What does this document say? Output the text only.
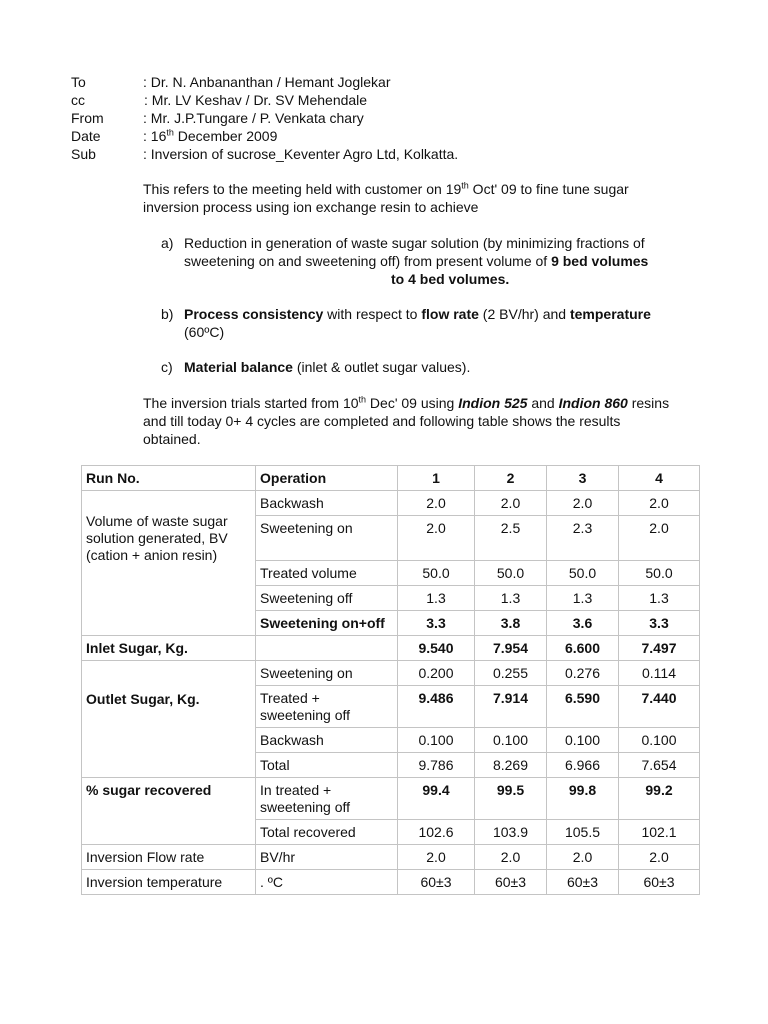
To	: Dr. N. Anbananthan / Hemant Joglekar
cc	: Mr. LV Keshav / Dr. SV Mehendale
From	: Mr. J.P.Tungare / P. Venkata chary
Date	: 16th December 2009
Sub	: Inversion of sucrose_Keventer Agro Ltd, Kolkatta.
This refers to the meeting held with customer on 19th Oct' 09 to fine tune sugar
inversion process using ion exchange resin to achieve
a) Reduction in generation of waste sugar solution (by minimizing fractions of
sweetening on and sweetening off) from present volume of 9 bed volumes
to 4 bed volumes.
b) Process consistency with respect to flow rate (2 BV/hr) and temperature
(60ºC)
c) Material balance (inlet & outlet sugar values).
The inversion trials started from 10th Dec' 09 using Indion 525 and Indion 860 resins
and till today 0+ 4 cycles are completed and following table shows the results
obtained.
Run No.	Operation	1	2	3	4
Volume of waste sugar solution generated, BV (cation + anion resin)	Backwash	2.0	2.0	2.0	2.0
	Sweetening on	2.0	2.5	2.3	2.0
	Treated volume	50.0	50.0	50.0	50.0
	Sweetening off	1.3	1.3	1.3	1.3
	Sweetening on+off	3.3	3.8	3.6	3.3
Inlet Sugar, Kg.		9.540	7.954	6.600	7.497
Outlet Sugar, Kg.	Sweetening on	0.200	0.255	0.276	0.114
	Treated + sweetening off	9.486	7.914	6.590	7.440
	Backwash	0.100	0.100	0.100	0.100
	Total	9.786	8.269	6.966	7.654
% sugar recovered	In treated + sweetening off	99.4	99.5	99.8	99.2
	Total recovered	102.6	103.9	105.5	102.1
Inversion Flow rate	BV/hr	2.0	2.0	2.0	2.0
Inversion temperature	. ºC	60±3	60±3	60±3	60±3
